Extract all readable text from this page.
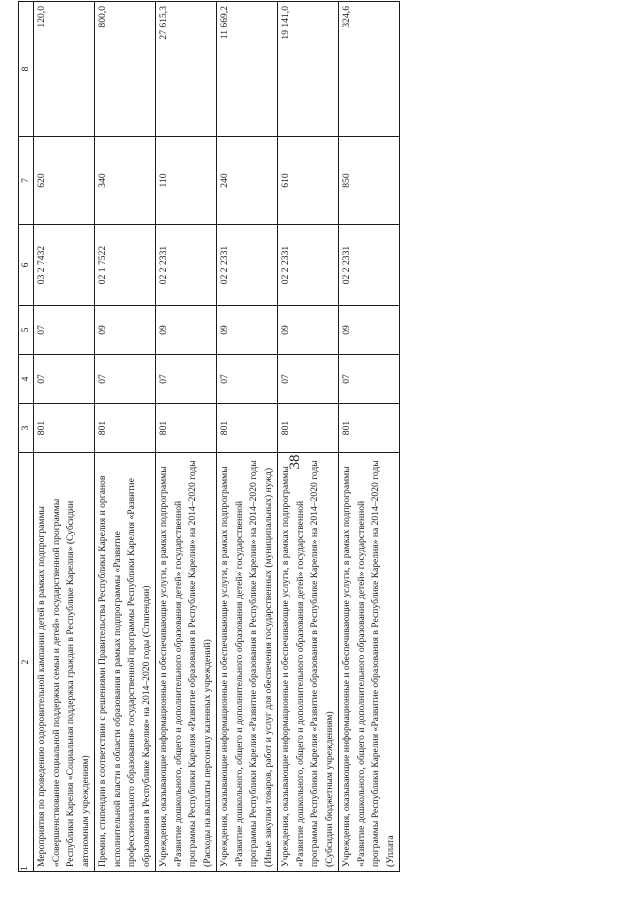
38
1	2	3	4	5	6	7	8
	Мероприятия по проведению оздоровительной кампании детей в рамках подпрограммы «Совершенствование социальной поддержки семьи и детей» государственной программы Республики Карелия «Социальная поддержка граждан в Республике Карелия» (Субсидии автономным учреждениям)	801	07	07	03 2 7432	620	120,0
	Премии, стипендии в соответствии с решениями Правительства Республики Карелия и органов исполнительной власти в области образования в рамках подпрограммы «Развитие профессионального образования» государственной программы Республики Карелия «Развитие образования в Республике Карелия» на 2014–2020 годы (Стипендии)	801	07	09	02 1 7522	340	800,0
	Учреждения, оказывающие информационные и обеспечивающие услуги, в рамках подпрограммы «Развитие дошкольного, общего и дополнительного образования детей» государственной программы Республики Карелия «Развитие образования в Республике Карелия» на 2014–2020 годы (Расходы на выплаты персоналу казенных учреждений)	801	07	09	02 2 2331	110	27 615,3
	Учреждения, оказывающие информационные и обеспечивающие услуги, в рамках подпрограммы «Развитие дошкольного, общего и дополнительного образования детей» государственной программы Республики Карелия «Развитие образования в Республике Карелия» на 2014–2020 годы (Иные закупки товаров, работ и услуг для обеспечения государственных (муниципальных) нужд)	801	07	09	02 2 2331	240	11 669,2
	Учреждения, оказывающие информационные и обеспечивающие услуги, в рамках подпрограммы «Развитие дошкольного, общего и дополнительного образования детей» государственной программы Республики Карелия «Развитие образования в Республике Карелия» на 2014–2020 годы (Субсидии бюджетным учреждениям)	801	07	09	02 2 2331	610	19 141,0
	Учреждения, оказывающие информационные и обеспечивающие услуги, в рамках подпрограммы «Развитие дошкольного, общего и дополнительного образования детей» государственной программы Республики Карелия «Развитие образования в Республике Карелия» на 2014–2020 годы (Уплата	801	07	09	02 2 2331	850	324,6
